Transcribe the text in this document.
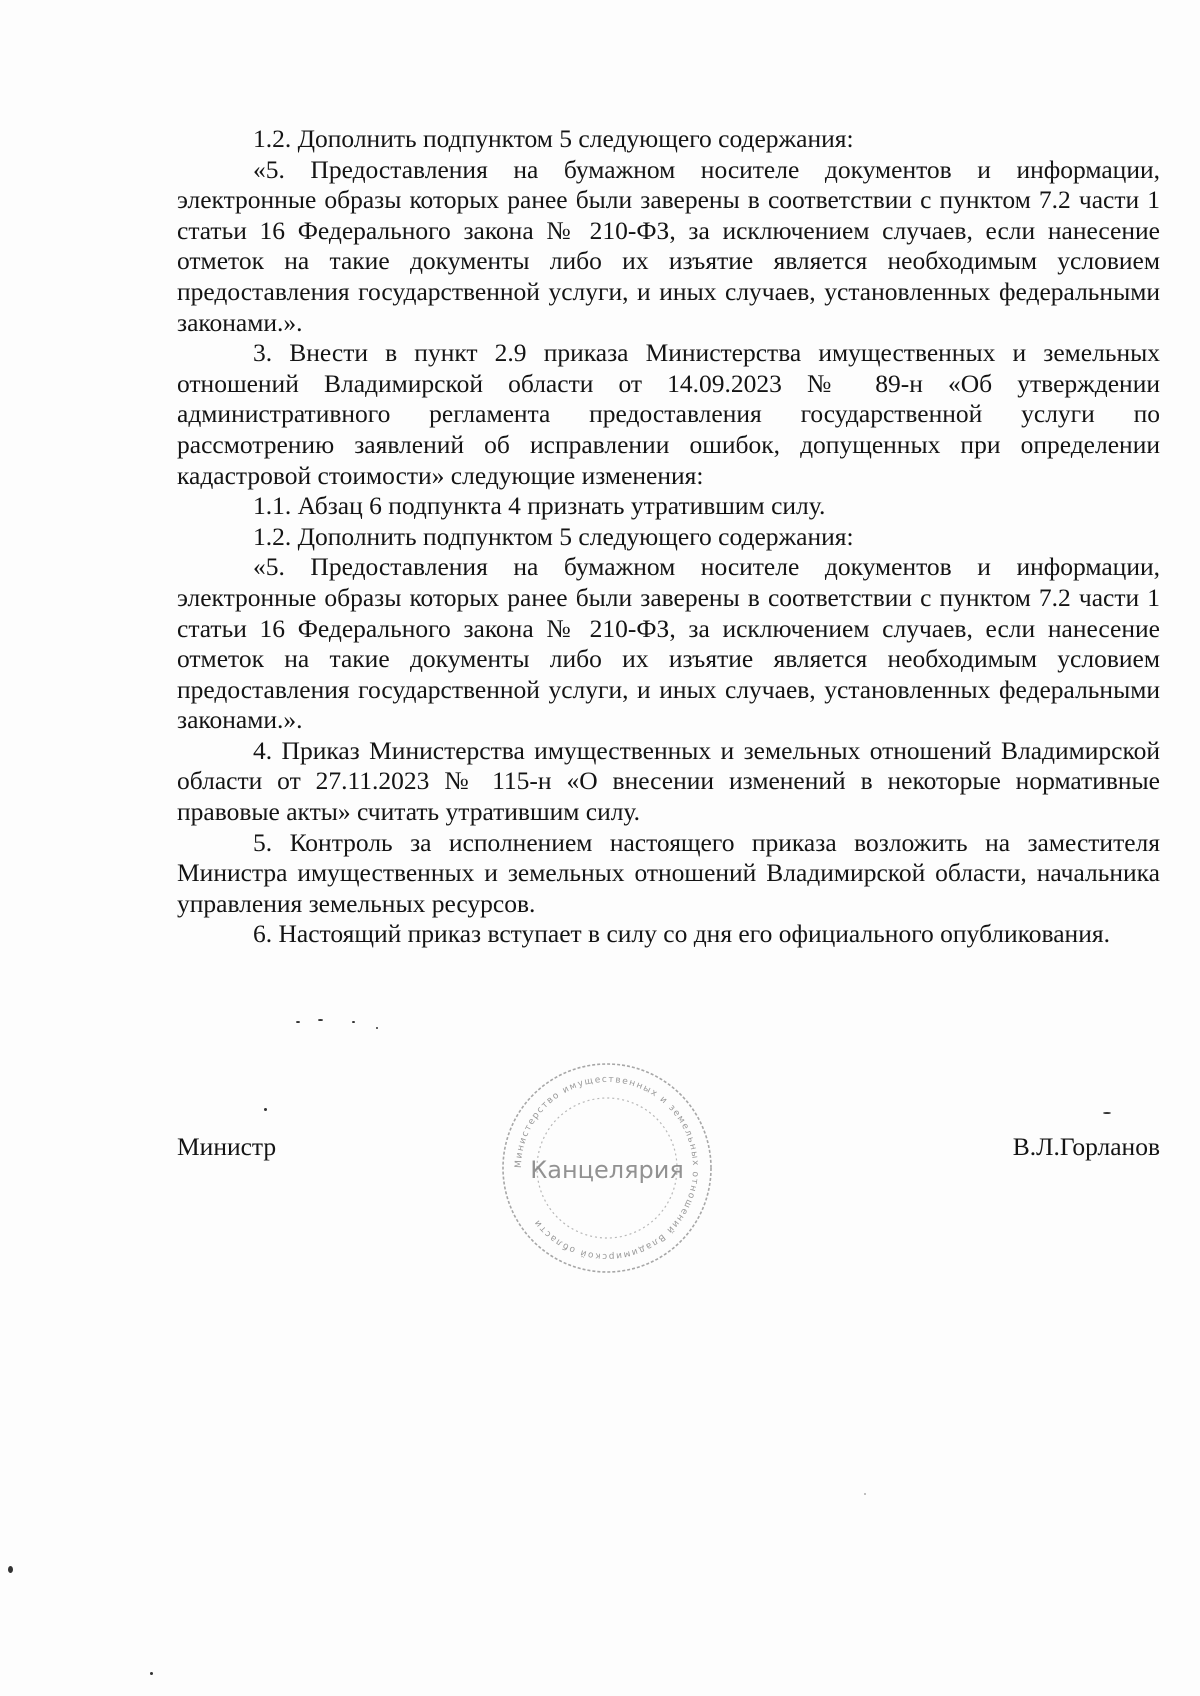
1.2. Дополнить подпунктом 5 следующего содержания:

«5. Предоставления на бумажном носителе документов и информации, электронные образы которых ранее были заверены в соответствии с пунктом 7.2 части 1 статьи 16 Федерального закона № 210-ФЗ, за исключением случаев, если нанесение отметок на такие документы либо их изъятие является необходимым условием предоставления государственной услуги, и иных случаев, установленных федеральными законами.».

3. Внести в пункт 2.9 приказа Министерства имущественных и земельных отношений Владимирской области от 14.09.2023 № 89-н «Об утверждении административного регламента предоставления государственной услуги по рассмотрению заявлений об исправлении ошибок, допущенных при определении кадастровой стоимости» следующие изменения:

1.1. Абзац 6 подпункта 4 признать утратившим силу.

1.2. Дополнить подпунктом 5 следующего содержания:

«5. Предоставления на бумажном носителе документов и информации, электронные образы которых ранее были заверены в соответствии с пунктом 7.2 части 1 статьи 16 Федерального закона № 210-ФЗ, за исключением случаев, если нанесение отметок на такие документы либо их изъятие является необходимым условием предоставления государственной услуги, и иных случаев, установленных федеральными законами.».

4. Приказ Министерства имущественных и земельных отношений Владимирской области от 27.11.2023 № 115-н «О внесении изменений в некоторые нормативные правовые акты» считать утратившим силу.

5. Контроль за исполнением настоящего приказа возложить на заместителя Министра имущественных и земельных отношений Владимирской области, начальника управления земельных ресурсов.

6. Настоящий приказ вступает в силу со дня его официального опубликования.

Министр	В.Л.Горланов
Министерство имущественных и земельных отношений Владимирской области
Канцелярия
